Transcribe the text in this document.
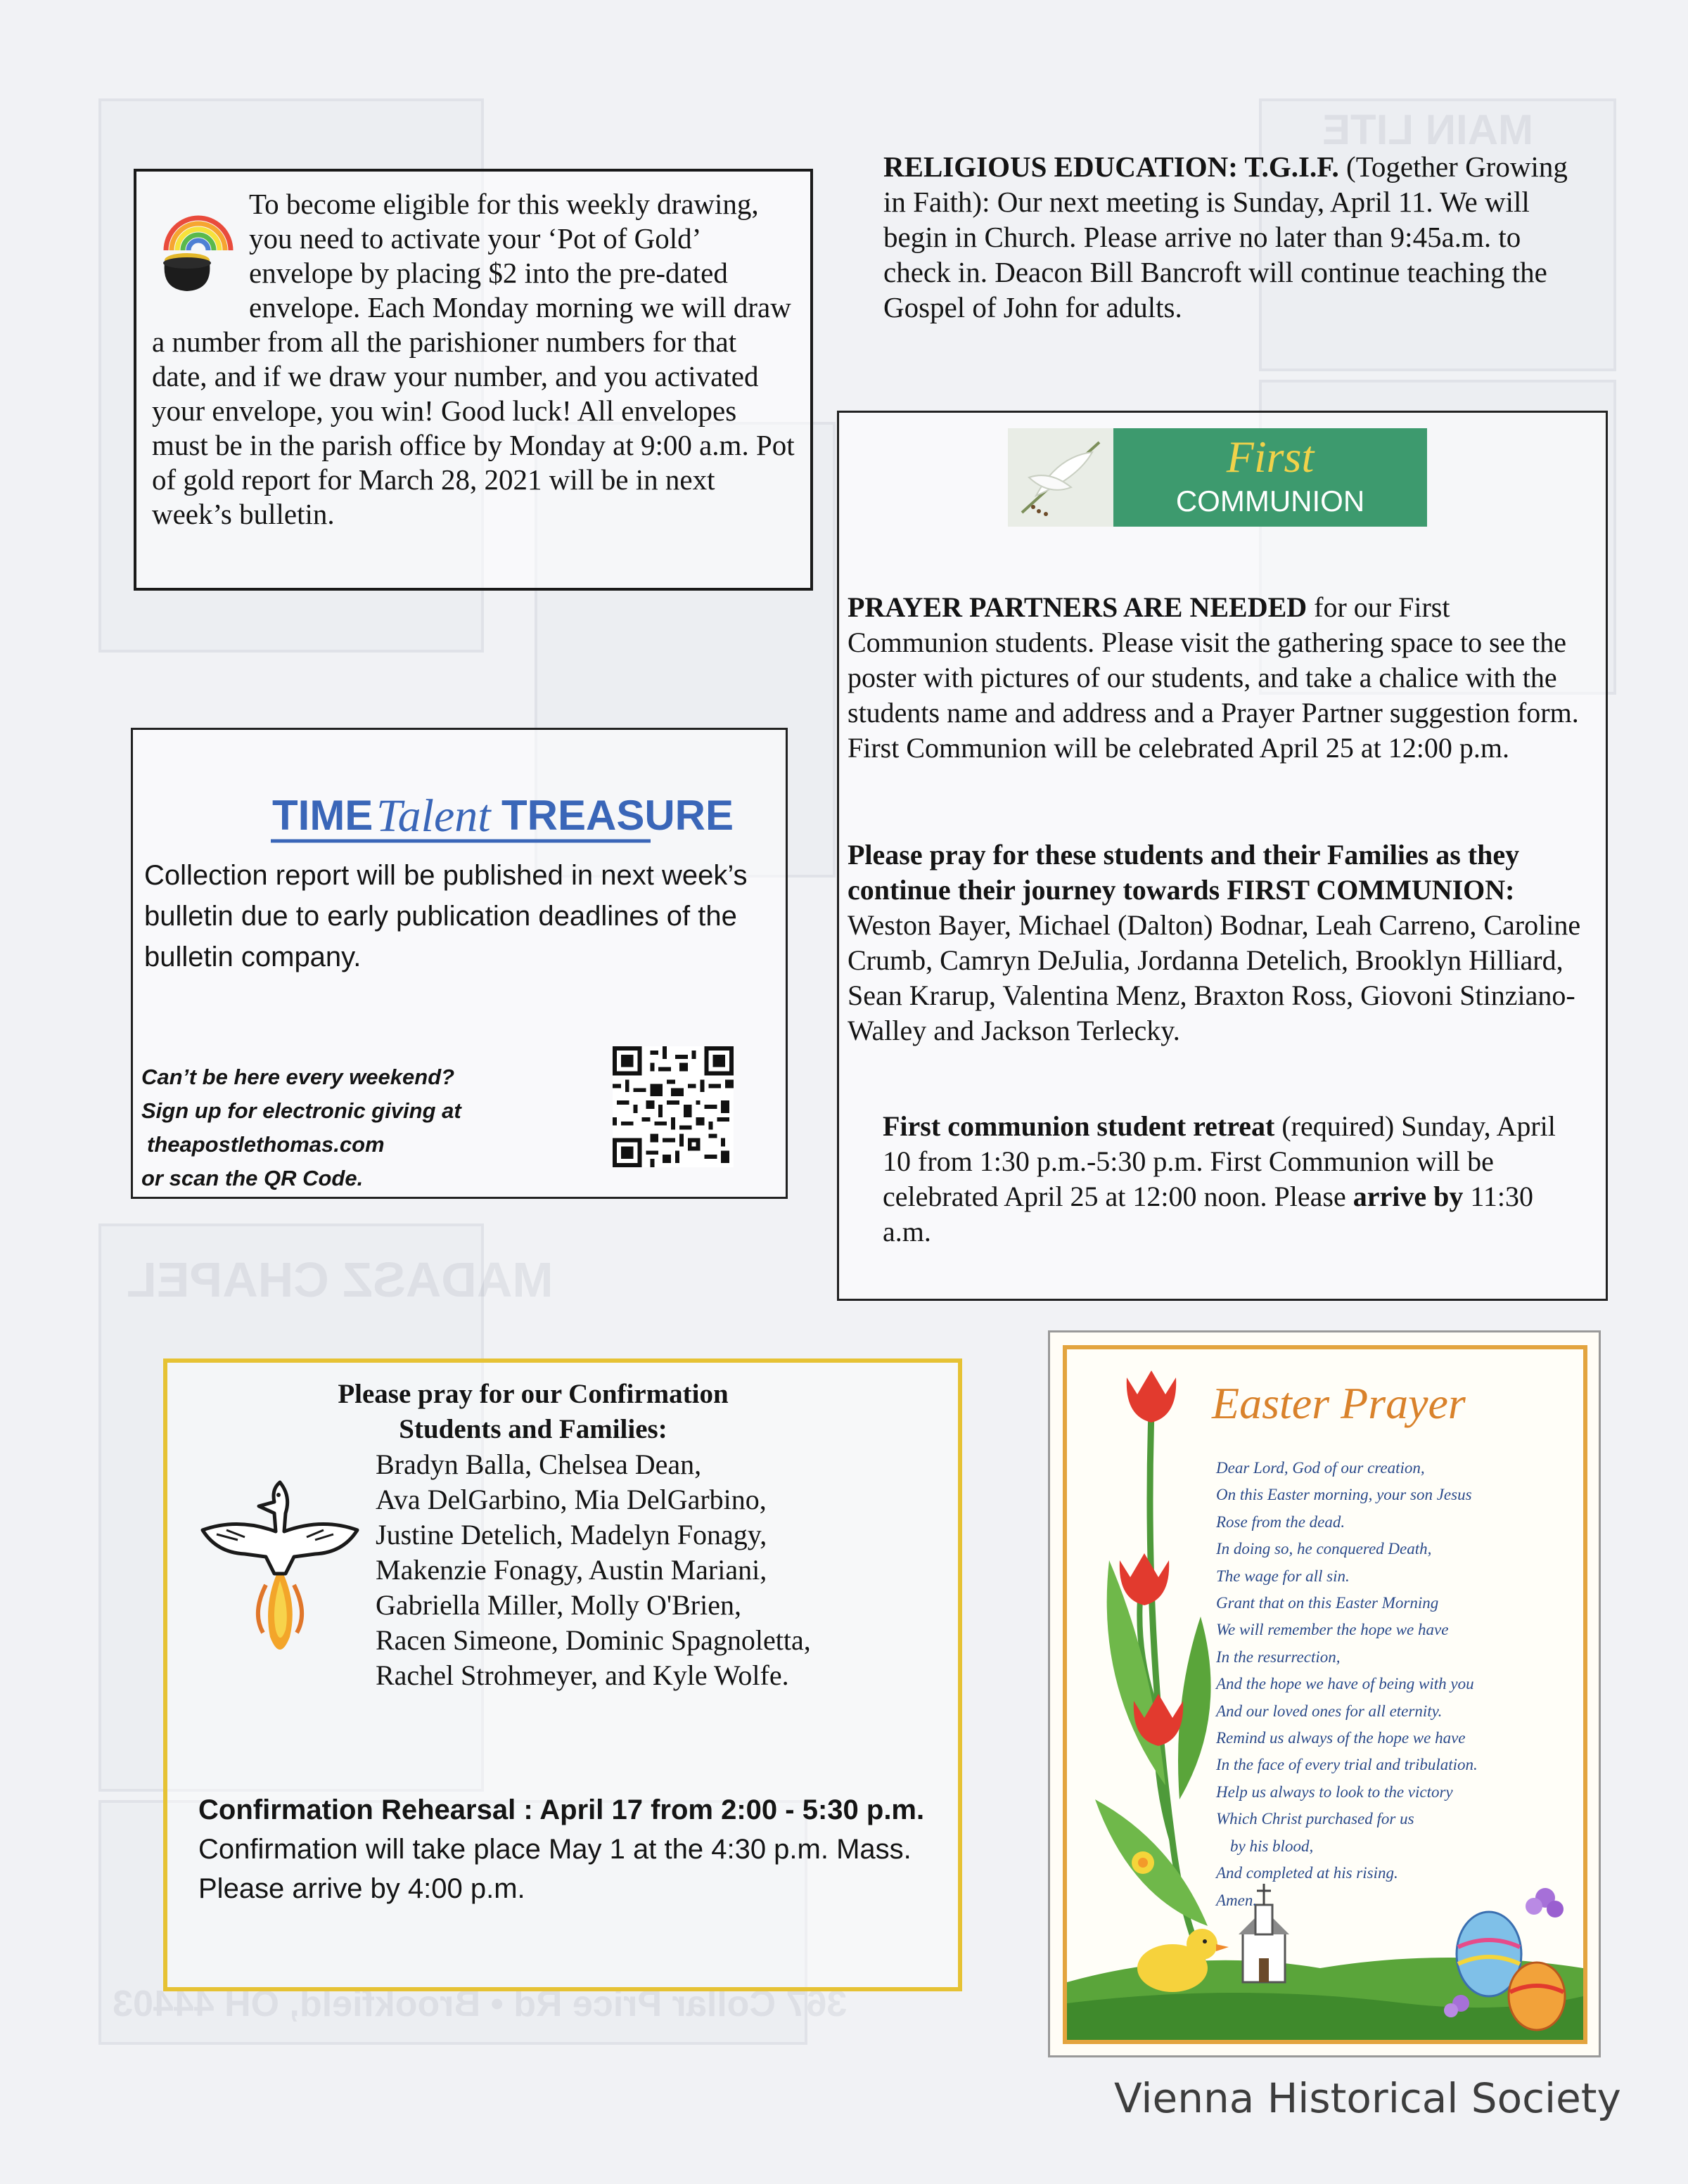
MAIN LITE
MADASZ CHAPEL
367 Collar Price Rd • Brookfield, OH 44403
To become eligible for this weekly drawing, you need to activate your ‘Pot of Gold’ envelope by placing $2 into the pre-dated envelope. Each Monday morning we will draw a number from all the parishioner numbers for that date, and if we draw your number, and you activated your envelope, you win! Good luck! All envelopes must be in the parish office by Monday at 9:00 a.m. Pot of gold report for March 28, 2021 will be in next week’s bulletin.
RELIGIOUS EDUCATION: T.G.I.F. (Together Growing in Faith): Our next meeting is Sunday, April 11. We will begin in Church. Please arrive no later than 9:45a.m. to check in. Deacon Bill Bancroft will continue teaching the Gospel of John for adults.
TIME Talent TREASURE
Collection report will be published in next week’s bulletin due to early publication deadlines of the bulletin company.
Can’t be here every weekend?
Sign up for electronic giving at
theapostlethomas.com
or scan the QR Code.
First
COMMUNION
PRAYER PARTNERS ARE NEEDED for our First Communion students. Please visit the gathering space to see the poster with pictures of our students, and take a chalice with the students name and address and a Prayer Partner suggestion form. First Communion will be celebrated April 25 at 12:00 p.m.
Please pray for these students and their Families as they continue their journey towards FIRST COMMUNION: Weston Bayer, Michael (Dalton) Bodnar, Leah Carreno, Caroline Crumb, Camryn DeJulia, Jordanna Detelich, Brooklyn Hilliard, Sean Krarup, Valentina Menz, Braxton Ross, Giovoni Stinziano-Walley and Jackson Terlecky.
First communion student retreat (required) Sunday, April 10 from 1:30 p.m.-5:30 p.m. First Communion will be celebrated April 25 at 12:00 noon. Please arrive by 11:30 a.m.
Please pray for our Confirmation
Students and Families:
Bradyn Balla, Chelsea Dean,
Ava DelGarbino, Mia DelGarbino,
Justine Detelich, Madelyn Fonagy,
Makenzie Fonagy, Austin Mariani,
Gabriella Miller, Molly O'Brien,
Racen Simeone, Dominic Spagnoletta,
Rachel Strohmeyer, and Kyle Wolfe.
Confirmation Rehearsal : April 17 from 2:00 - 5:30 p.m. Confirmation will take place May 1 at the 4:30 p.m. Mass. Please arrive by 4:00 p.m.
Easter Prayer
Dear Lord, God of our creation,
On this Easter morning, your son Jesus
Rose from the dead.
In doing so, he conquered Death,
The wage for all sin.
Grant that on this Easter Morning
We will remember the hope we have
In the resurrection,
And the hope we have of being with you
And our loved ones for all eternity.
Remind us always of the hope we have
In the face of every trial and tribulation.
Help us always to look to the victory
Which Christ purchased for us
by his blood,
And completed at his rising.
Amen.
Vienna Historical Society
